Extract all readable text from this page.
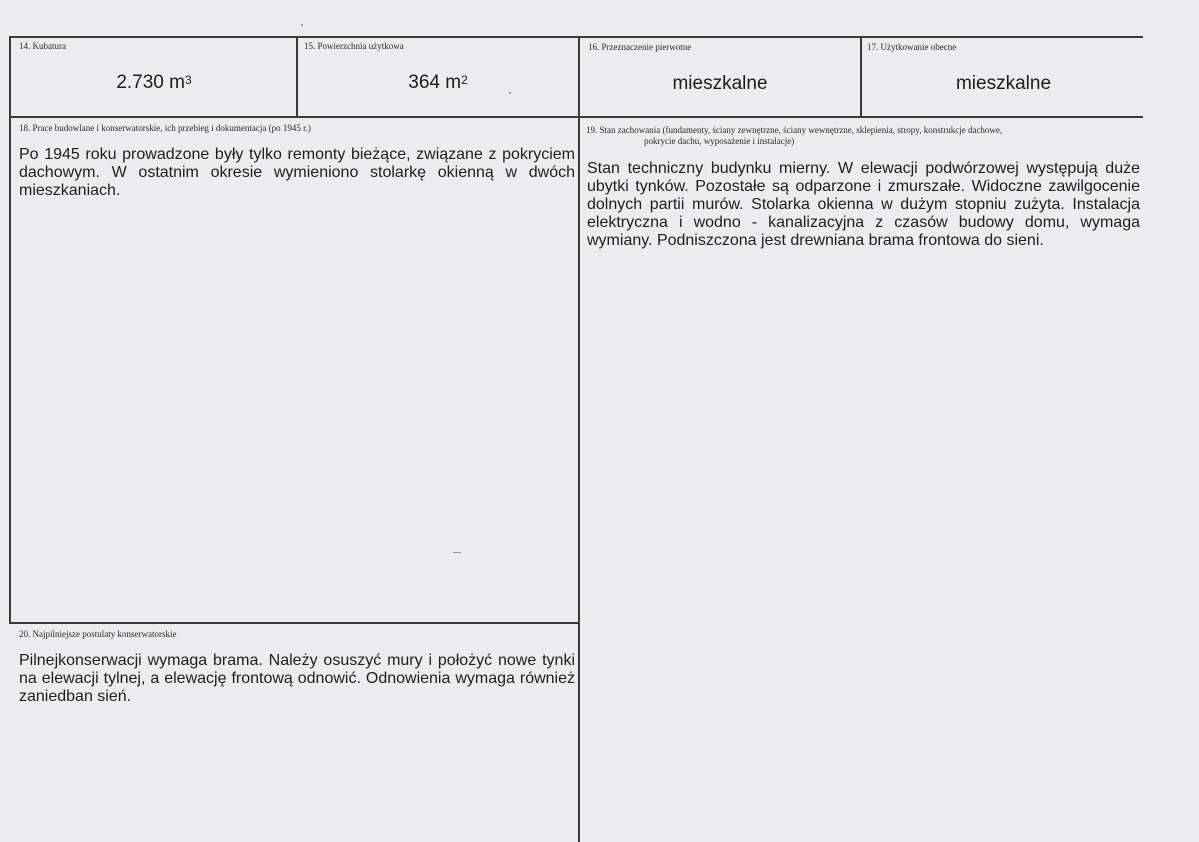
14. Kubatura
2.730 $m^3$
15. Powierzchnia użytkowa
364 $m^2$
16. Przeznaczenie pierwotne
mieszkalne
17. Użytkowanie obecne
mieszkalne
18. Prace budowlane i konserwatorskie, ich przebieg i dokumentacja (po 1945 r.)
Po 1945 roku prowadzone były tylko remonty bieżące, związane z pokryciem dachowym. W ostatnim okresie wymieniono stolarkę okienną w dwóch mieszkaniach.
19. Stan zachowania (fundamenty, ściany zewnętrzne, ściany wewnętrzne, sklepienia, stropy, konstrukcje dachowe,
pokrycie dachu, wyposażenie i instalacje)
Stan techniczny budynku mierny. W elewacji podwórzowej występują duże ubytki tynków. Pozostałe są odparzone i zmurszałe. Widoczne zawilgocenie dolnych partii murów. Stolarka okienna w dużym stopniu zużyta. Instalacja elektryczna i wodno - kanalizacyjna z czasów budowy domu, wymaga wymiany. Podniszczona jest drewniana brama frontowa do sieni.
20. Najpilniejsze postulaty konserwatorskie
Pilnejkonserwacji wymaga brama. Należy osuszyć mury i położyć nowe tynki na elewacji tylnej, a elewację frontową odnowić. Odnowienia wymaga również zaniedban sień.
